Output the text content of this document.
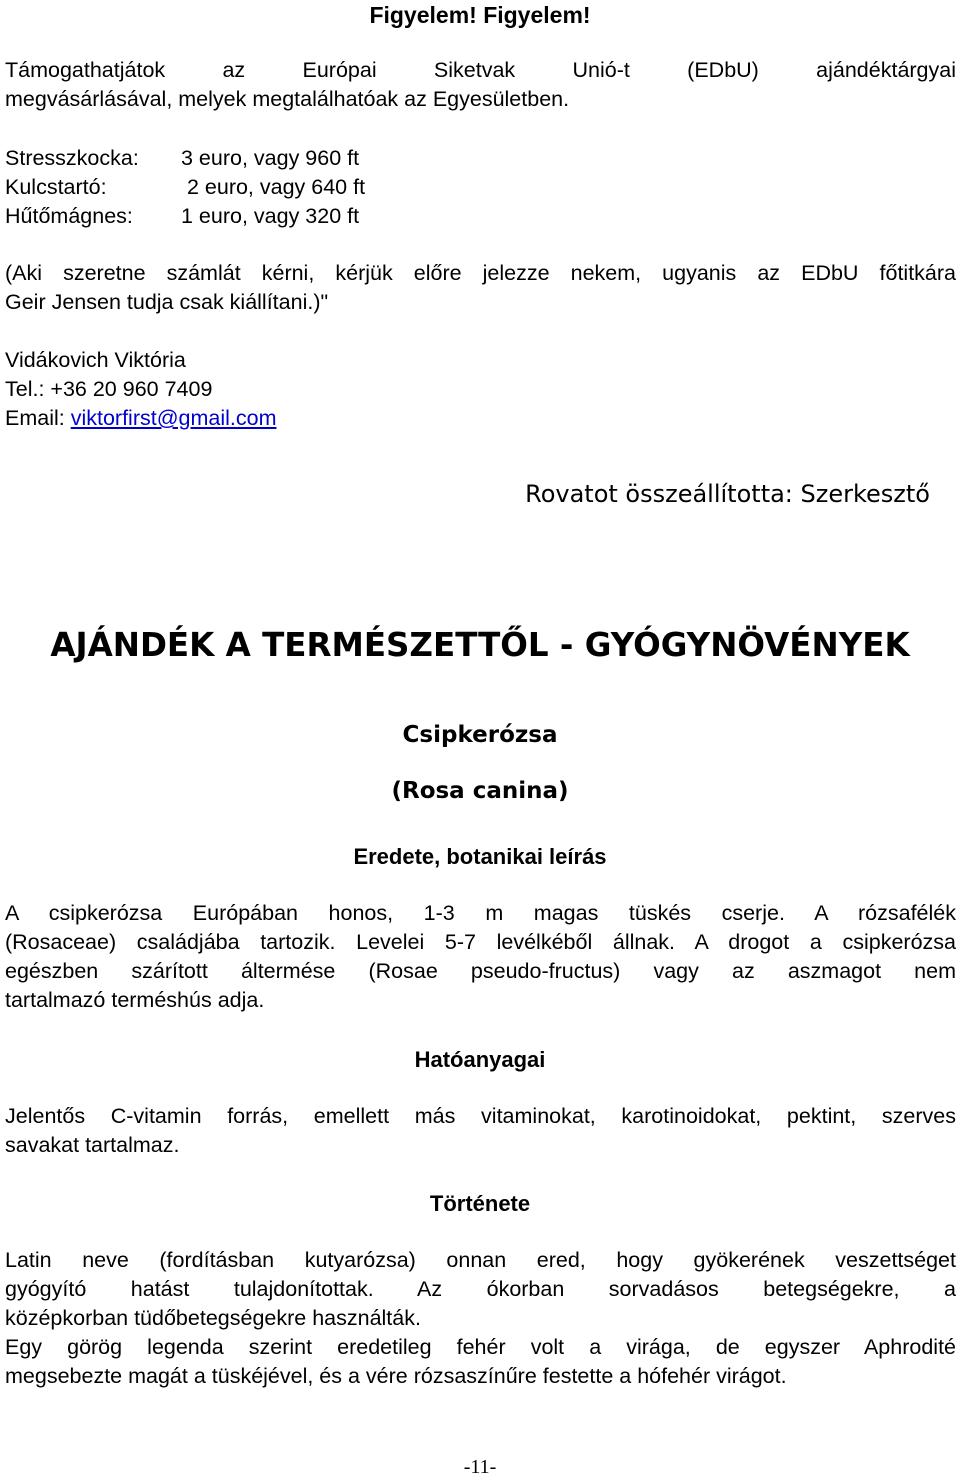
Figyelem! Figyelem!

Támogathatjátok az Európai Siketvak Unió-t (EDbU) ajándéktárgyai

megvásárlásával, melyek megtalálhatóak az Egyesületben.

Stresszkocka: 3 euro, vagy 960 ft
Kulcstartó:	2 euro, vagy 640 ft
Hűtőmágnes: 1 euro, vagy 320 ft

(Aki szeretne számlát kérni, kérjük előre jelezze nekem, ugyanis az EDbU főtitkára

Geir Jensen tudja csak kiállítani.)"

Vidákovich Viktória

Tel.: +36 20 960 7409

Email: viktorfirst@gmail.com

Rovatot összeállította: Szerkesztő

AJÁNDÉK A TERMÉSZETTŐL - GYÓGYNÖVÉNYEK
Csipkerózsa

(Rosa canina)

Eredete, botanikai leírás

A csipkerózsa Európában honos, 1-3 m magas tüskés cserje. A rózsafélék

(Rosaceae) családjába tartozik. Levelei 5-7 levélkéből állnak. A drogot a csipkerózsa

egészben szárított áltermése (Rosae pseudo-fructus) vagy az aszmagot nem

tartalmazó terméshús adja.

Hatóanyagai

Jelentős C-vitamin forrás, emellett más vitaminokat, karotinoidokat, pektint, szerves

savakat tartalmaz.

Története

Latin neve (fordításban kutyarózsa) onnan ered, hogy gyökerének veszettséget

gyógyító hatást tulajdonítottak. Az ókorban sorvadásos betegségekre, a

középkorban tüdőbetegségekre használták.

Egy görög legenda szerint eredetileg fehér volt a virága, de egyszer Aphrodité

megsebezte magát a tüskéjével, és a vére rózsaszínűre festette a hófehér virágot.

-11-
